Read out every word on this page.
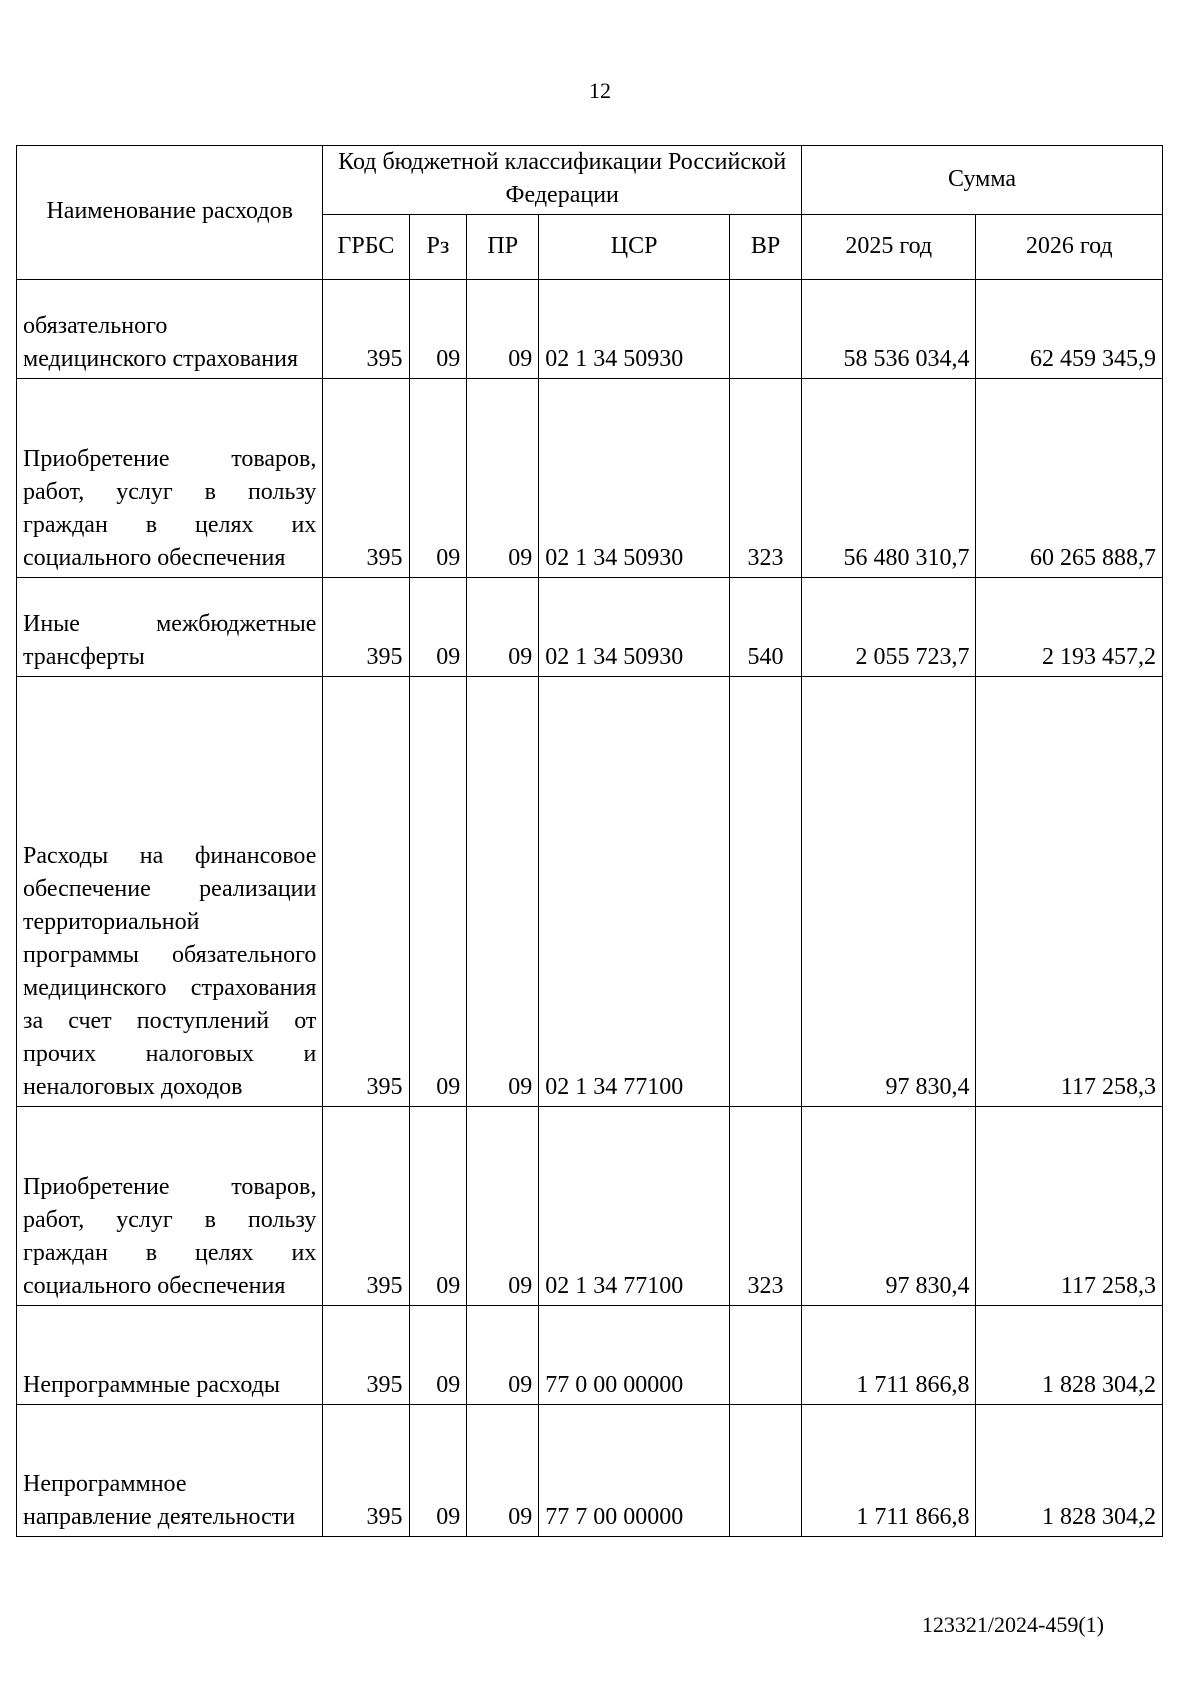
12
Наименование расходов	Код бюджетной классификации Российской Федерации					Сумма	
	ГРБС	Рз	ПР	ЦСР	ВР	2025 год	2026 год
обязательного медицинского страхования	395	09	09	02 1 34 50930		58 536 034,4	62 459 345,9
Приобретение товаров, работ, услуг в пользу граждан в целях их социального обеспечения	395	09	09	02 1 34 50930	323	56 480 310,7	60 265 888,7
Иные межбюджетные трансферты	395	09	09	02 1 34 50930	540	2 055 723,7	2 193 457,2
Расходы на финансовое обеспечение реализации территориальной программы обязательного медицинского страхования за счет поступлений от прочих налоговых и неналоговых доходов	395	09	09	02 1 34 77100		97 830,4	117 258,3
Приобретение товаров, работ, услуг в пользу граждан в целях их социального обеспечения	395	09	09	02 1 34 77100	323	97 830,4	117 258,3
Непрограммные расходы	395	09	09	77 0 00 00000		1 711 866,8	1 828 304,2
Непрограммное направление деятельности	395	09	09	77 7 00 00000		1 711 866,8	1 828 304,2
123321/2024-459(1)
